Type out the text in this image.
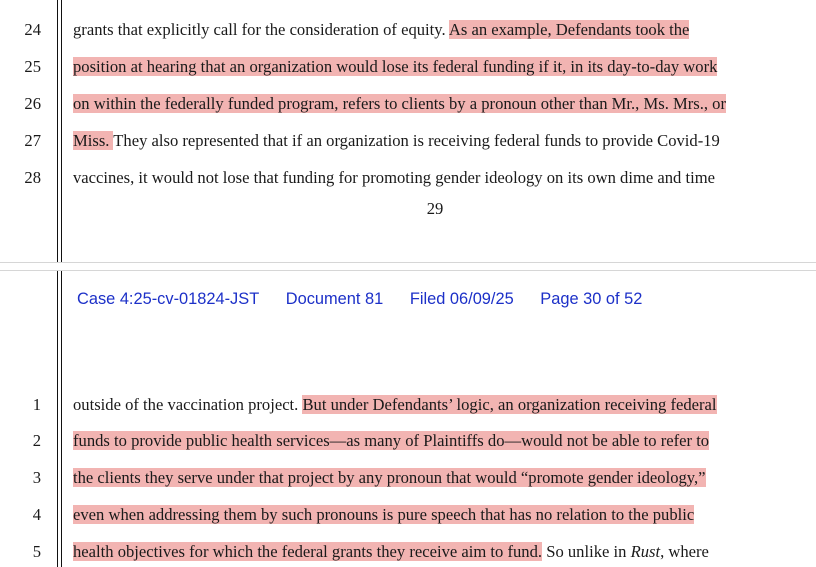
24 grants that explicitly call for the consideration of equity. As an example, Defendants took the
25 position at hearing that an organization would lose its federal funding if it, in its day-to-day work
26 on within the federally funded program, refers to clients by a pronoun other than Mr., Ms. Mrs., or
27 Miss. They also represented that if an organization is receiving federal funds to provide Covid-19
28 vaccines, it would not lose that funding for promoting gender ideology on its own dime and time
29
Case 4:25-cv-01824-JST Document 81 Filed 06/09/25 Page 30 of 52
1 outside of the vaccination project. But under Defendants’ logic, an organization receiving federal
2 funds to provide public health services—as many of Plaintiffs do—would not be able to refer to
3 the clients they serve under that project by any pronoun that would “promote gender ideology,”
4 even when addressing them by such pronouns is pure speech that has no relation to the public
5 health objectives for which the federal grants they receive aim to fund. So unlike in Rust, where
